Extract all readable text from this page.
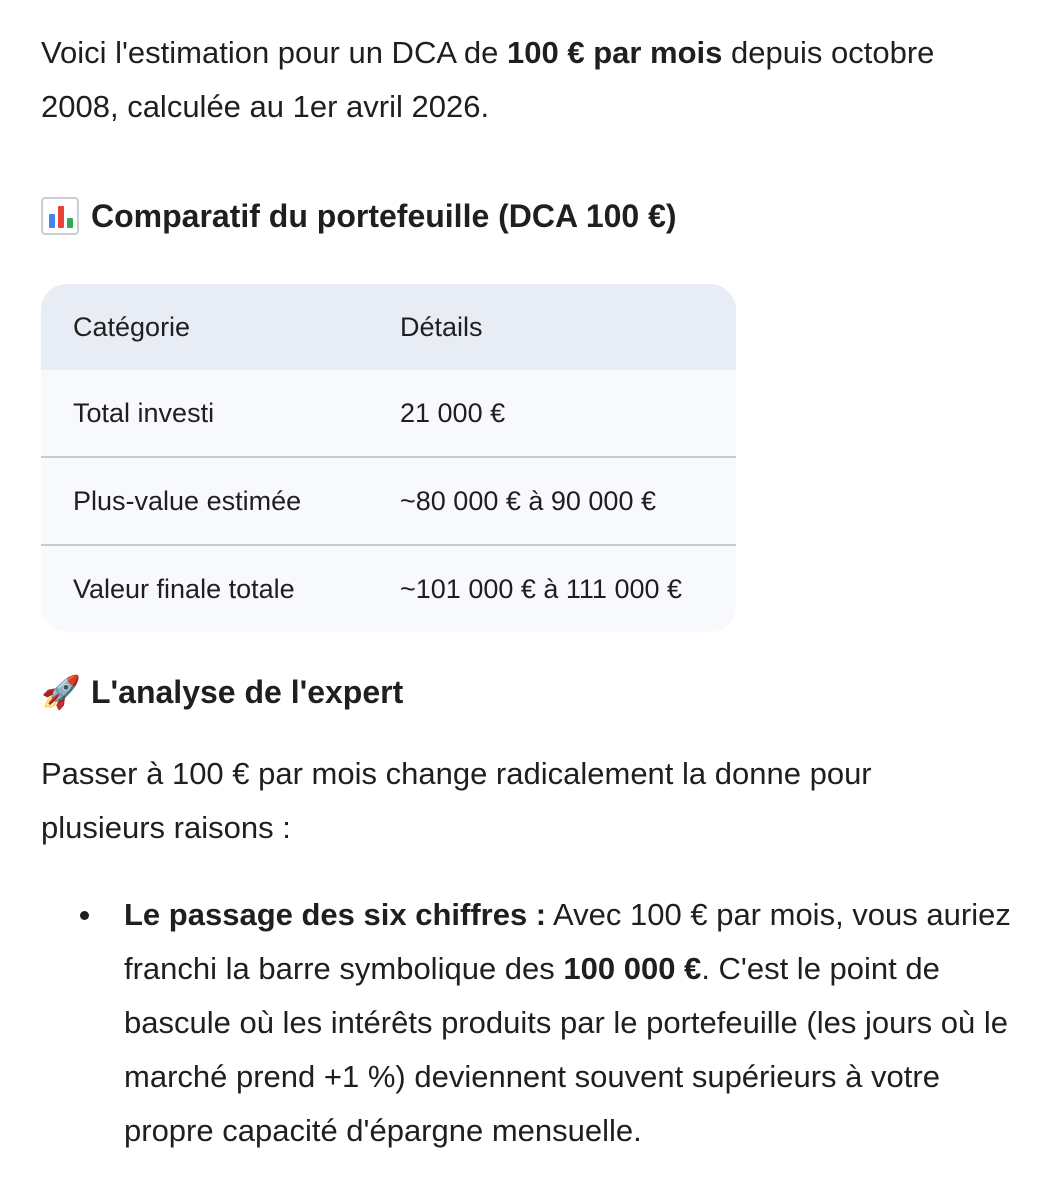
Voici l'estimation pour un DCA de 100 € par mois depuis octobre 2008, calculée au 1er avril 2026.

Comparatif du portefeuille (DCA 100 €)
Catégorie	Détails
Total investi	21 000 €
Plus-value estimée	~80 000 € à 90 000 €
Valeur finale totale	~101 000 € à 111 000 €
🚀 L'analyse de l'expert

Passer à 100 € par mois change radicalement la donne pour plusieurs raisons :

Le passage des six chiffres : Avec 100 € par mois, vous auriez franchi la barre symbolique des 100 000 €. C'est le point de bascule où les intérêts produits par le portefeuille (les jours où le marché prend +1 %) deviennent souvent supérieurs à votre propre capacité d'épargne mensuelle.
